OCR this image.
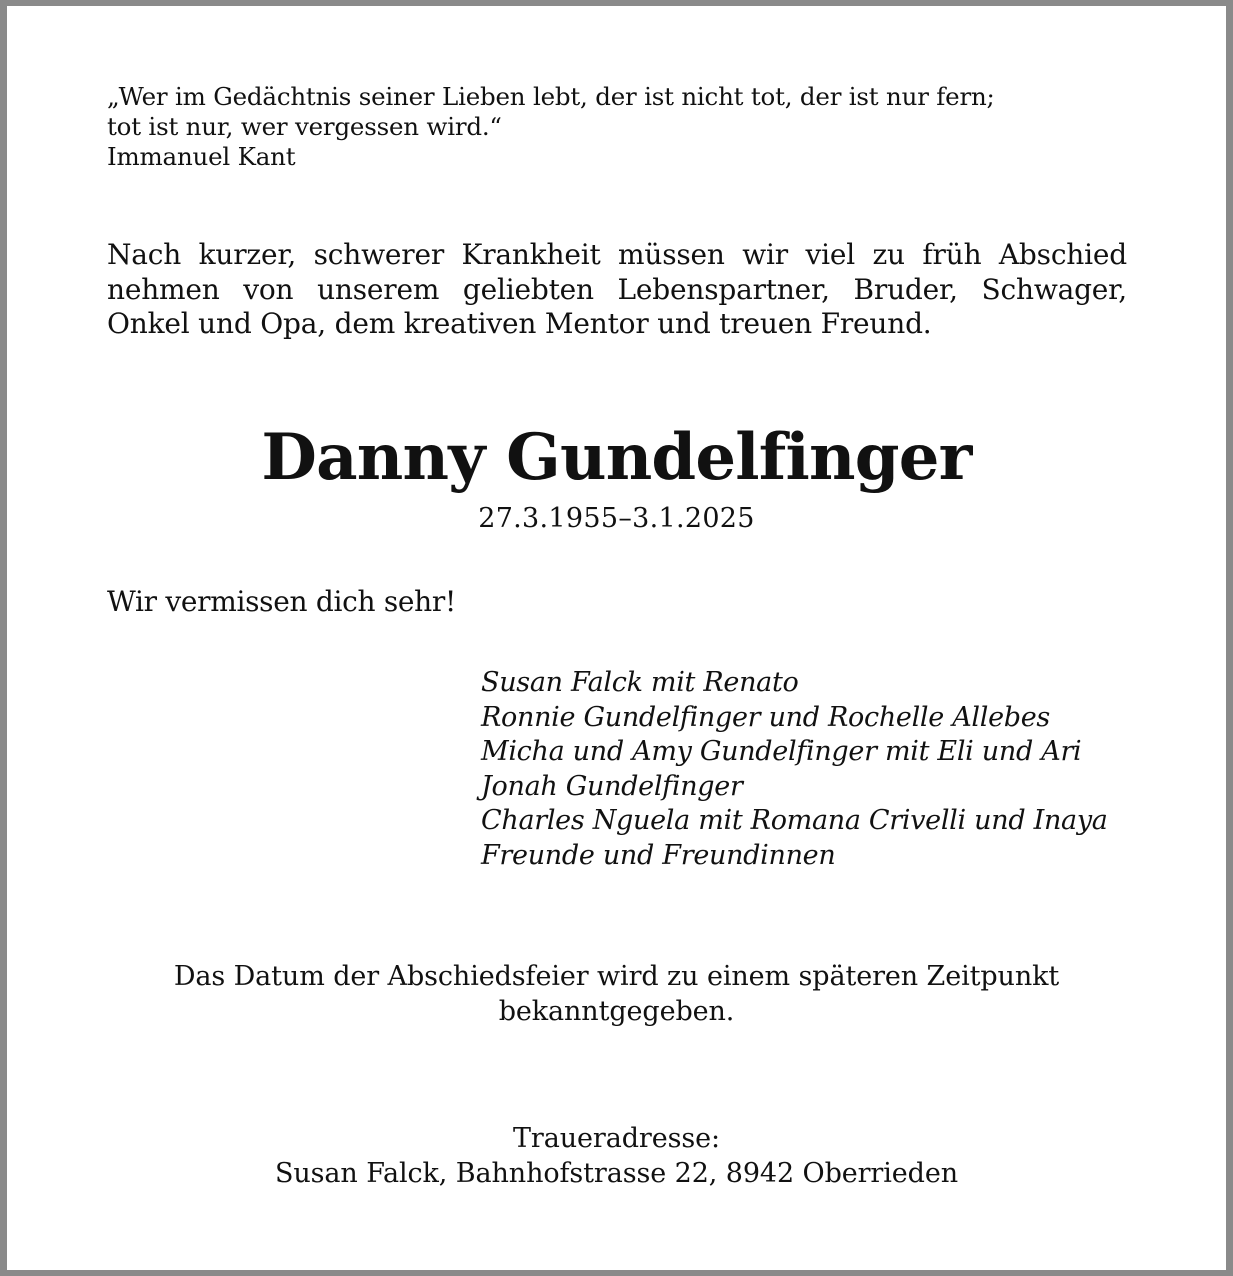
„Wer im Gedächtnis seiner Lieben lebt, der ist nicht tot, der ist nur fern;
tot ist nur, wer vergessen wird.“
Immanuel Kant

Nach kurzer, schwerer Krankheit müssen wir viel zu früh Abschied nehmen von unserem geliebten Lebenspartner, Bruder, Schwager, Onkel und Opa, dem kreativen Mentor und treuen Freund.

Danny Gundelfinger
27.3.1955–3.1.2025
Wir vermissen dich sehr!
Susan Falck mit Renato
Ronnie Gundelfinger und Rochelle Allebes
Micha und Amy Gundelfinger mit Eli und Ari
Jonah Gundelfinger
Charles Nguela mit Romana Crivelli und Inaya
Freunde und Freundinnen
Das Datum der Abschiedsfeier wird zu einem späteren Zeitpunkt
bekanntgegeben.
Traueradresse:
Susan Falck, Bahnhofstrasse 22, 8942 Oberrieden
